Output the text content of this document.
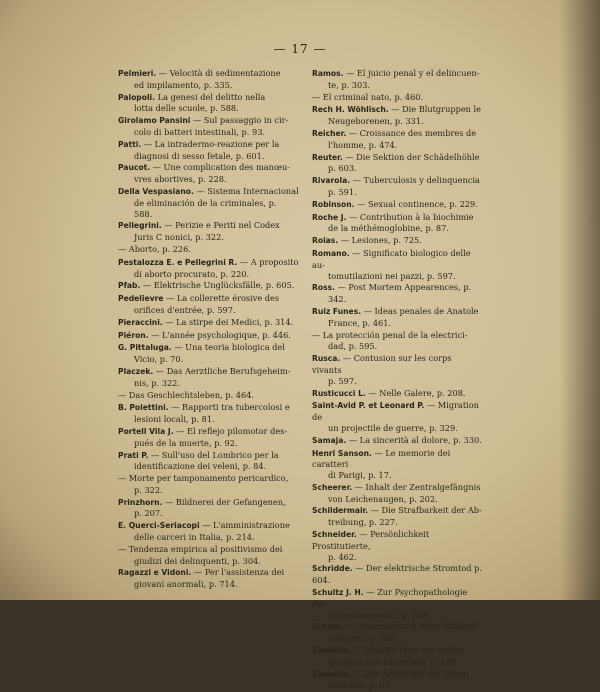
— 17 —
Pelmieri. — Velocità di sedimentazione
ed impilamento, p. 335.
Palopoli. La genesi del delitto nella
lotta delle scuole, p. 588.
Girolamo Pansini — Sul passaggio in cir-
colo di batteri intestinali, p. 93.
Patti. — La intradermo-reazione per la
diagnosi di sesso fetale, p. 601.
Paucot. — Une complication des manœu-
vres abortives, p. 228.
Della Vespasiano. — Sistema Internacional
de eliminación de la criminales, p.
588.
Pellegrini. — Perizie e Periti nel Codex
Juris C nonici, p. 322.
— Aborto, p. 226.
Pestalozza E. e Pellegrini R. — A proposito
di aborto procurato, p. 220.
Pfab. — Elektrische Unglücksfälle, p. 605.
Pedelievre — La collerette érosive des
orifices d'entrée, p. 597.
Pieraccini. — La stirpe dei Medici, p. 314.
Piéron. — L'année psychologique, p. 446.
G. Pittaluga. — Una teoria biologica del
Vicio, p. 70.
Placzek. — Das Aerztliche Berufsgeheim-
nis, p. 322.
— Das Geschlechtsleben, p. 464.
B. Polettini. — Rapporti tra tubercolosi e
lesioni locali, p. 81.
Portell Vila J. — El reflejo pilomotor des-
pués de la muerte, p. 92.
Prati P. — Sull'uso del Lombrico per la
identificazione dei veleni, p. 84.
— Morte per tamponamento pericardico,
p. 322.
Prinzhorn. — Bildnerei der Gefangenen,
p. 207.
E. Querci-Seriacopi — L'amministrazione
delle carceri in Italia, p. 214.
— Tendenza empirica al positivismo dei
giudizi dei delinquenti, p. 304.
Ragazzi e Vidoni. — Per l'assistenza dei
giovani anormali, p. 714.
Ramos. — El juicio penal y el delincuen-
te, p. 303.
— El criminal nato, p. 460.
Rech H. Wöhlisch. — Die Blutgruppen le
Neugeborenen, p. 331.
Reicher. — Croissance des membres de
l'homme, p. 474.
Reuter. — Die Sektion der Schädelhöhle
p. 603.
Rivarola. — Tuberculosis y delinquencia
p. 591.
Robinson. — Sexual continence, p. 229.
Roche J. — Contribution à la biochimie
de la méthémoglobine, p. 87.
Roias. — Lesiones, p. 725.
Romano. — Significato biologico delle au-
tomutilazioni nei pazzi, p. 597.
Ross. — Post Mortem Appearences, p.
342.
Ruiz Funes. — Ideas penales de Anatole
France, p. 461.
— La protección penal de la electrici-
dad, p. 595.
Rusca. — Contusion sur les corps vivants
p. 597.
Rusticucci L. — Nelle Galere, p. 208.
Saint-Avid P. et Leonard P. — Migration de
un projectile de guerre, p. 329.
Samaja. — La sincerità al dolore, p. 330.
Henri Sanson. — Le memorie dei caratteri
di Parigi, p. 17.
Scheerer. — Inhalt der Zentralgefängnis
von Leichenaugen, p. 202.
Schildermair. — Die Strafbarkeit der Ab-
treibung, p. 227.
Schneider. — Persönlichkeit Prostitutierte,
p. 462.
Schridde. — Der elektrische Stromtod p. 604.
Schultz J. H. — Zur Psychopathologie der
Operationssucht, p. 228.
Schum. — Untersuchung eines Schädel-
schusses, p. 599.
Siemens. — Studien über die Rechts-
glomerasche Krankheit, p. 186.
Siemens. — Zur Aetiologie des Turm-
schädels, p. 67.
